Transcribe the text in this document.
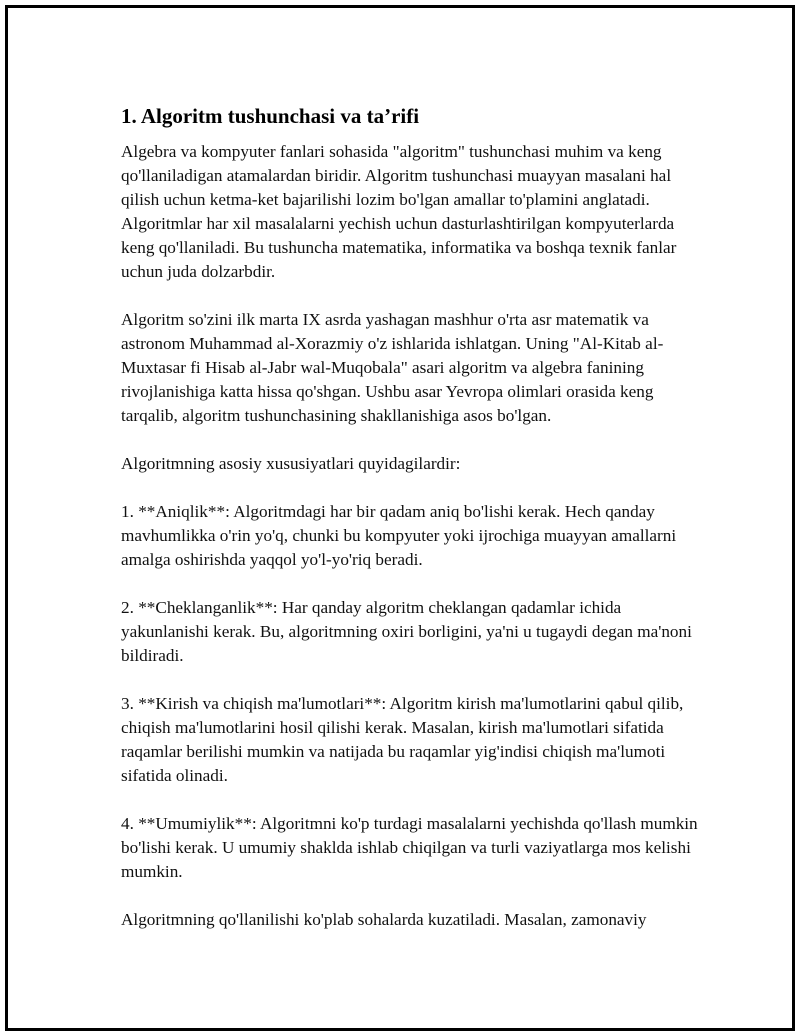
1. Algoritm tushunchasi va ta’rifi

Algebra va kompyuter fanlari sohasida "algoritm" tushunchasi muhim va keng qo'llaniladigan atamalardan biridir. Algoritm tushunchasi muayyan masalani hal qilish uchun ketma-ket bajarilishi lozim bo'lgan amallar to'plamini anglatadi. Algoritmlar har xil masalalarni yechish uchun dasturlashtirilgan kompyuterlarda keng qo'llaniladi. Bu tushuncha matematika, informatika va boshqa texnik fanlar uchun juda dolzarbdir.

Algoritm so'zini ilk marta IX asrda yashagan mashhur o'rta asr matematik va astronom Muhammad al-Xorazmiy o'z ishlarida ishlatgan. Uning "Al-Kitab al-Muxtasar fi Hisab al-Jabr wal-Muqobala" asari algoritm va algebra fanining rivojlanishiga katta hissa qo'shgan. Ushbu asar Yevropa olimlari orasida keng tarqalib, algoritm tushunchasining shakllanishiga asos bo'lgan.

Algoritmning asosiy xususiyatlari quyidagilardir:

1. **Aniqlik**: Algoritmdagi har bir qadam aniq bo'lishi kerak. Hech qanday mavhumlikka o'rin yo'q, chunki bu kompyuter yoki ijrochiga muayyan amallarni amalga oshirishda yaqqol yo'l-yo'riq beradi.

2. **Cheklanganlik**: Har qanday algoritm cheklangan qadamlar ichida yakunlanishi kerak. Bu, algoritmning oxiri borligini, ya'ni u tugaydi degan ma'noni bildiradi.

3. **Kirish va chiqish ma'lumotlari**: Algoritm kirish ma'lumotlarini qabul qilib, chiqish ma'lumotlarini hosil qilishi kerak. Masalan, kirish ma'lumotlari sifatida raqamlar berilishi mumkin va natijada bu raqamlar yig'indisi chiqish ma'lumoti sifatida olinadi.

4. **Umumiylik**: Algoritmni ko'p turdagi masalalarni yechishda qo'llash mumkin bo'lishi kerak. U umumiy shaklda ishlab chiqilgan va turli vaziyatlarga mos kelishi mumkin.

Algoritmning qo'llanilishi ko'plab sohalarda kuzatiladi. Masalan, zamonaviy
